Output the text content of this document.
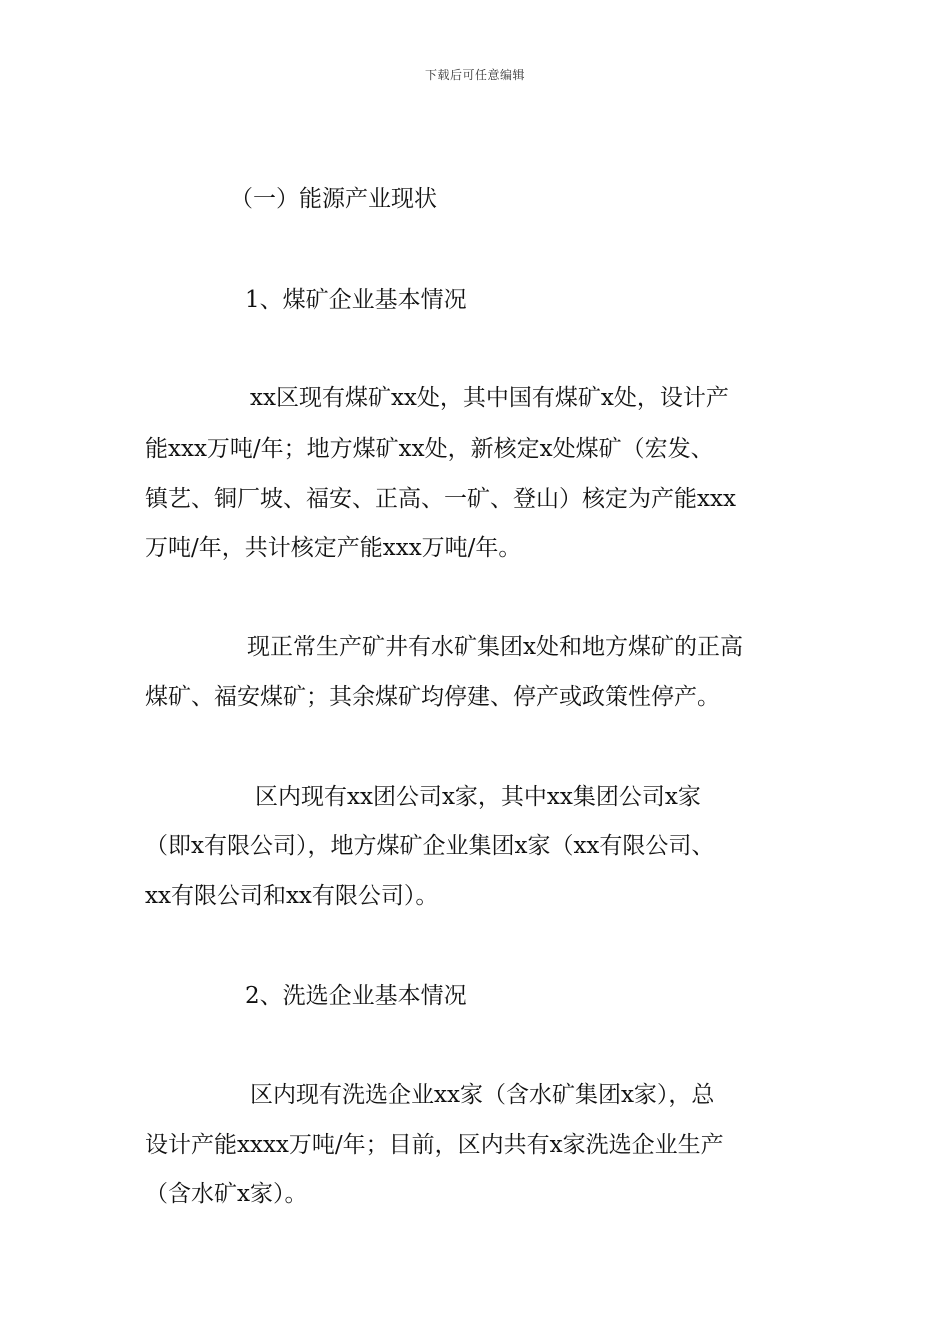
下载后可任意编辑
（一）能源产业现状
1、煤矿企业基本情况
xx区现有煤矿xx处，其中国有煤矿x处，设计产
能xxx万吨/年；地方煤矿xx处，新核定x处煤矿（宏发、
镇艺、铜厂坡、福安、正高、一矿、登山）核定为产能xxx
万吨/年，共计核定产能xxx万吨/年。
现正常生产矿井有水矿集团x处和地方煤矿的正高
煤矿、福安煤矿；其余煤矿均停建、停产或政策性停产。
区内现有xx团公司x家，其中xx集团公司x家
（即x有限公司），地方煤矿企业集团x家（xx有限公司、
xx有限公司和xx有限公司）。
2、洗选企业基本情况
区内现有洗选企业xx家（含水矿集团x家），总
设计产能xxxx万吨/年；目前，区内共有x家洗选企业生产
（含水矿x家）。
